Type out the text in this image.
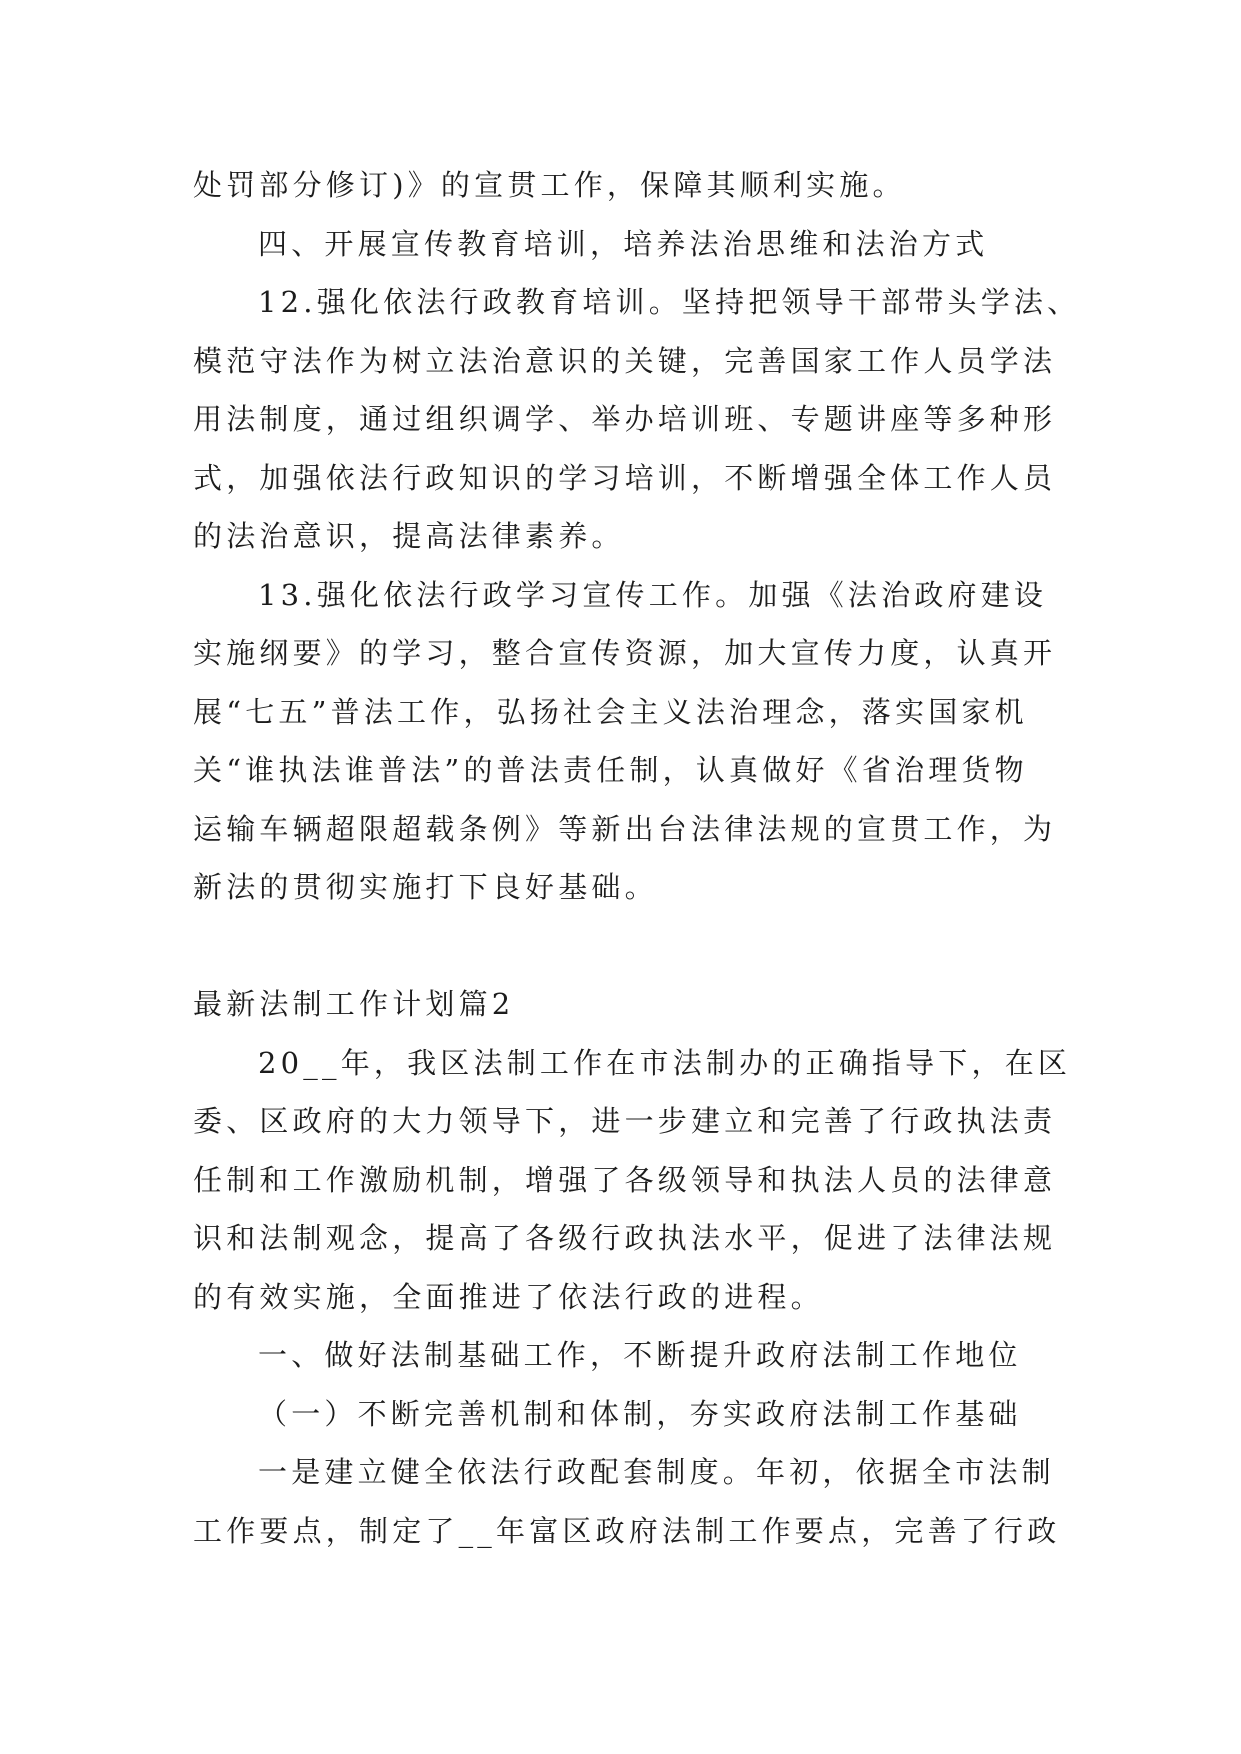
处罚部分修订)》的宣贯工作，保障其顺利实施。
四、开展宣传教育培训，培养法治思维和法治方式
12.强化依法行政教育培训。坚持把领导干部带头学法、
模范守法作为树立法治意识的关键，完善国家工作人员学法
用法制度，通过组织调学、举办培训班、专题讲座等多种形
式，加强依法行政知识的学习培训，不断增强全体工作人员
的法治意识，提高法律素养。
13.强化依法行政学习宣传工作。加强《法治政府建设
实施纲要》的学习，整合宣传资源，加大宣传力度，认真开
展“七五”普法工作，弘扬社会主义法治理念，落实国家机
关“谁执法谁普法”的普法责任制，认真做好《省治理货物
运输车辆超限超载条例》等新出台法律法规的宣贯工作，为
新法的贯彻实施打下良好基础。
最新法制工作计划篇2
20__年，我区法制工作在市法制办的正确指导下，在区
委、区政府的大力领导下，进一步建立和完善了行政执法责
任制和工作激励机制，增强了各级领导和执法人员的法律意
识和法制观念，提高了各级行政执法水平，促进了法律法规
的有效实施，全面推进了依法行政的进程。
一、做好法制基础工作，不断提升政府法制工作地位
（一）不断完善机制和体制，夯实政府法制工作基础
一是建立健全依法行政配套制度。年初，依据全市法制
工作要点，制定了__年富区政府法制工作要点，完善了行政
